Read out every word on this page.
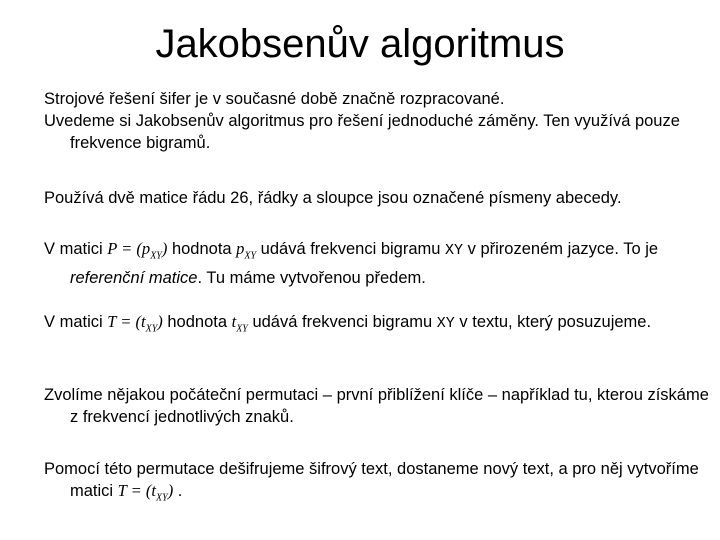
Jakobsenův algoritmus
Strojové řešení šifer je v současné době značně rozpracované.
Uvedeme si Jakobsenův algoritmus pro řešení jednoduché záměny. Ten využívá pouze frekvence bigramů.
Používá dvě matice řádu 26, řádky a sloupce jsou označené písmeny abecedy.
V matici $P = (p_{XY})$ hodnota $p_{XY}$ udává frekvenci bigramu XY v přirozeném jazyce. To je referenční matice. Tu máme vytvořenou předem.
V matici $T = (t_{XY})$ hodnota $t_{XY}$ udává frekvenci bigramu XY v textu, který posuzujeme.
Zvolíme nějakou počáteční permutaci – první přiblížení klíče – například tu, kterou získáme z frekvencí jednotlivých znaků.
Pomocí této permutace dešifrujeme šifrový text, dostaneme nový text, a pro něj vytvoříme matici $T = (t_{XY})$ .
